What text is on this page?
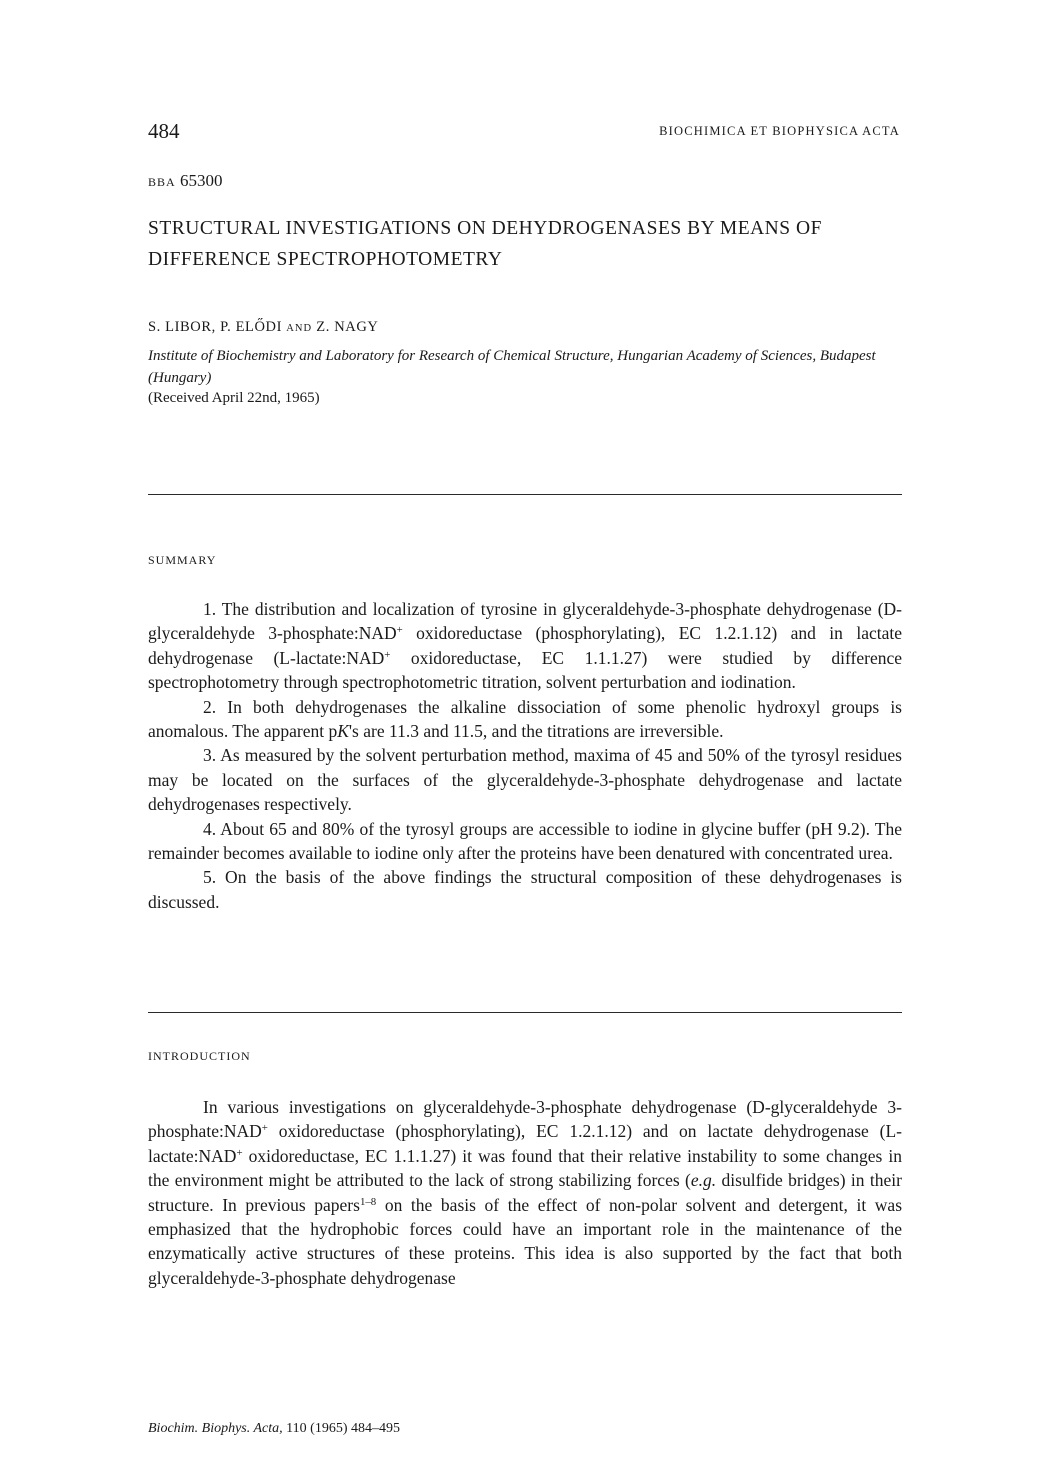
484	BIOCHIMICA ET BIOPHYSICA ACTA
BBA 65300
STRUCTURAL INVESTIGATIONS ON DEHYDROGENASES BY MEANS OF DIFFERENCE SPECTROPHOTOMETRY
S. LIBOR, P. ELŐDI AND Z. NAGY
Institute of Biochemistry and Laboratory for Research of Chemical Structure, Hungarian Academy of Sciences, Budapest (Hungary)
(Received April 22nd, 1965)
SUMMARY

1. The distribution and localization of tyrosine in glyceraldehyde-3-phosphate dehydrogenase (D-glyceraldehyde 3-phosphate:NAD+ oxidoreductase (phosphorylating), EC 1.2.1.12) and in lactate dehydrogenase (L-lactate:NAD+ oxidoreductase, EC 1.1.1.27) were studied by difference spectrophotometry through spectrophotometric titration, solvent perturbation and iodination.

2. In both dehydrogenases the alkaline dissociation of some phenolic hydroxyl groups is anomalous. The apparent pK's are 11.3 and 11.5, and the titrations are irreversible.

3. As measured by the solvent perturbation method, maxima of 45 and 50% of the tyrosyl residues may be located on the surfaces of the glyceraldehyde-3-phosphate dehydrogenase and lactate dehydrogenases respectively.

4. About 65 and 80% of the tyrosyl groups are accessible to iodine in glycine buffer (pH 9.2). The remainder becomes available to iodine only after the proteins have been denatured with concentrated urea.

5. On the basis of the above findings the structural composition of these dehydrogenases is discussed.

INTRODUCTION

In various investigations on glyceraldehyde-3-phosphate dehydrogenase (D-glyceraldehyde 3-phosphate:NAD+ oxidoreductase (phosphorylating), EC 1.2.1.12) and on lactate dehydrogenase (L-lactate:NAD+ oxidoreductase, EC 1.1.1.27) it was found that their relative instability to some changes in the environment might be attributed to the lack of strong stabilizing forces (e.g. disulfide bridges) in their structure. In previous papers$^{1-8}$ on the basis of the effect of non-polar solvent and detergent, it was emphasized that the hydrophobic forces could have an important role in the maintenance of the enzymatically active structures of these proteins. This idea is also supported by the fact that both glyceraldehyde-3-phosphate dehydrogenase

Biochim. Biophys. Acta, 110 (1965) 484–495
